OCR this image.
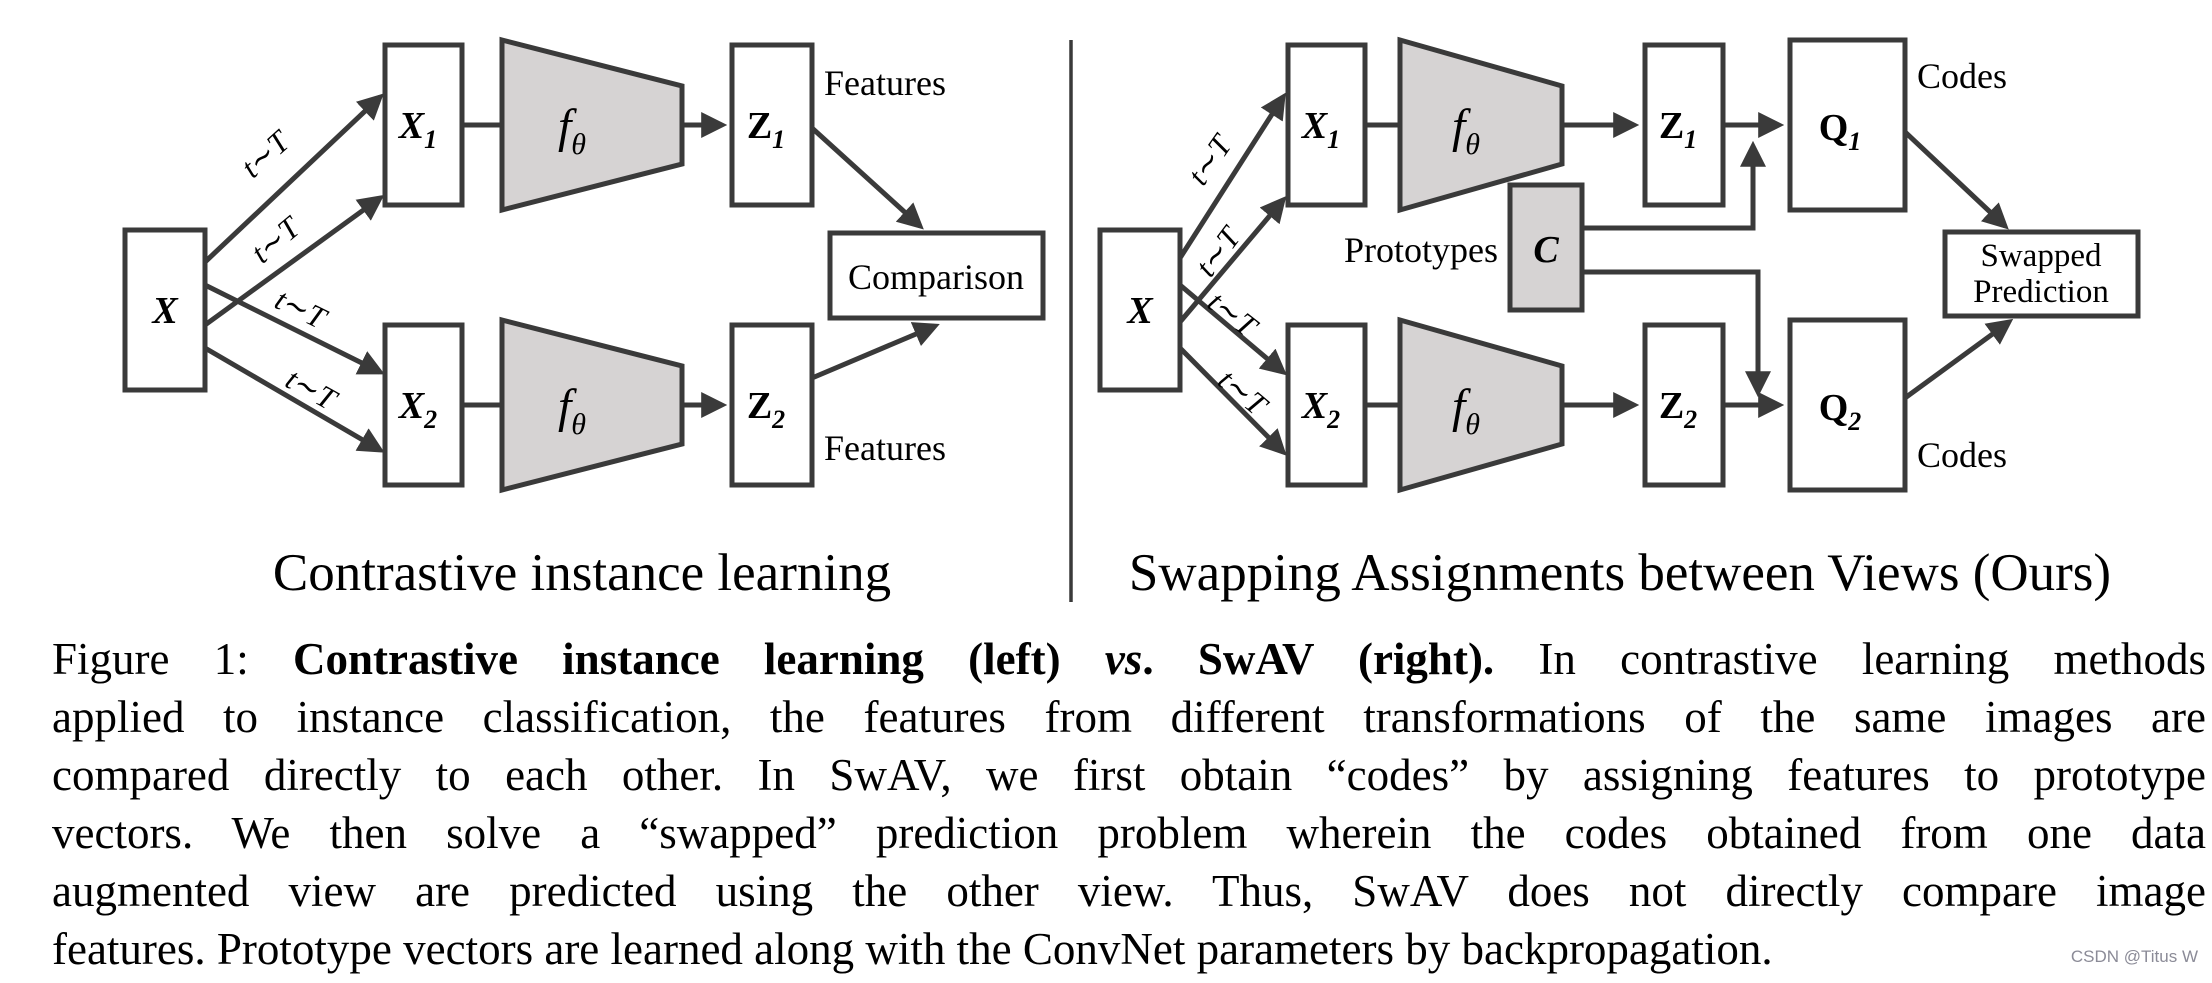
t∼T
t∼T
t∼T
t∼T
X
$X_1$	$f_\theta$	$Z_1$
Features
$X_2$	$f_\theta$	$Z_2$
Features
Comparison
Contrastive instance learning
t∼T
t∼T
t∼T
t∼T
X
$X_1$ $f_\theta$	$Z_1$	$Q_1$
Codes
$X_2$ $f_\theta$	$Z_2$	$Q_2$
Codes
Prototypes C	Swapped
Prediction
Swapping Assignments between Views (Ours)
Figure 1: Contrastive instance learning (left) vs. SwAV (right). In contrastive learning methods
applied to instance classification, the features from different transformations of the same images are
compared directly to each other. In SwAV, we first obtain “codes” by assigning features to prototype
vectors. We then solve a “swapped” prediction problem wherein the codes obtained from one data
augmented view are predicted using the other view. Thus, SwAV does not directly compare image
features. Prototype vectors are learned along with the ConvNet parameters by backpropagation.	CSDN @Titus W
